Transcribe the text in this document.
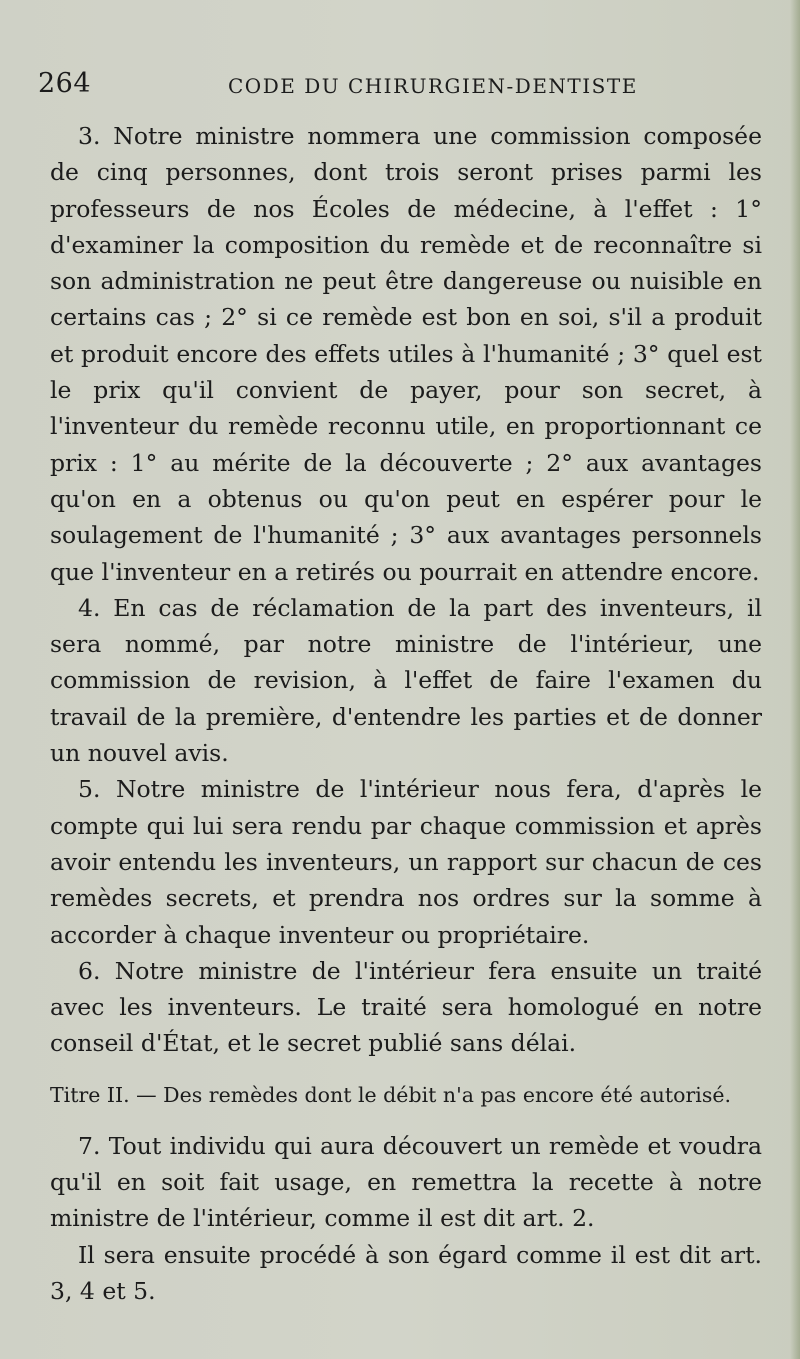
264	CODE DU CHIRURGIEN-DENTISTE

3. Notre ministre nommera une commission composée de cinq personnes, dont trois seront prises parmi les professeurs de nos Écoles de médecine, à l'effet : 1° d'examiner la composition du remède et de reconnaître si son administration ne peut être dangereuse ou nuisible en certains cas ; 2° si ce remède est bon en soi, s'il a produit et produit encore des effets utiles à l'humanité ; 3° quel est le prix qu'il convient de payer, pour son secret, à l'inventeur du remède reconnu utile, en proportionnant ce prix : 1° au mérite de la découverte ; 2° aux avantages qu'on en a obtenus ou qu'on peut en espérer pour le soulagement de l'humanité ; 3° aux avantages personnels que l'inventeur en a retirés ou pourrait en attendre encore.

4. En cas de réclamation de la part des inventeurs, il sera nommé, par notre ministre de l'intérieur, une commission de revision, à l'effet de faire l'examen du travail de la première, d'entendre les parties et de donner un nouvel avis.

5. Notre ministre de l'intérieur nous fera, d'après le compte qui lui sera rendu par chaque commission et après avoir entendu les inventeurs, un rapport sur chacun de ces remèdes secrets, et prendra nos ordres sur la somme à accorder à chaque inventeur ou propriétaire.

6. Notre ministre de l'intérieur fera ensuite un traité avec les inventeurs. Le traité sera homologué en notre conseil d'État, et le secret publié sans délai.

Titre II. — Des remèdes dont le débit n'a pas encore été autorisé.

7. Tout individu qui aura découvert un remède et voudra qu'il en soit fait usage, en remettra la recette à notre ministre de l'intérieur, comme il est dit art. 2.

Il sera ensuite procédé à son égard comme il est dit art. 3, 4 et 5.
